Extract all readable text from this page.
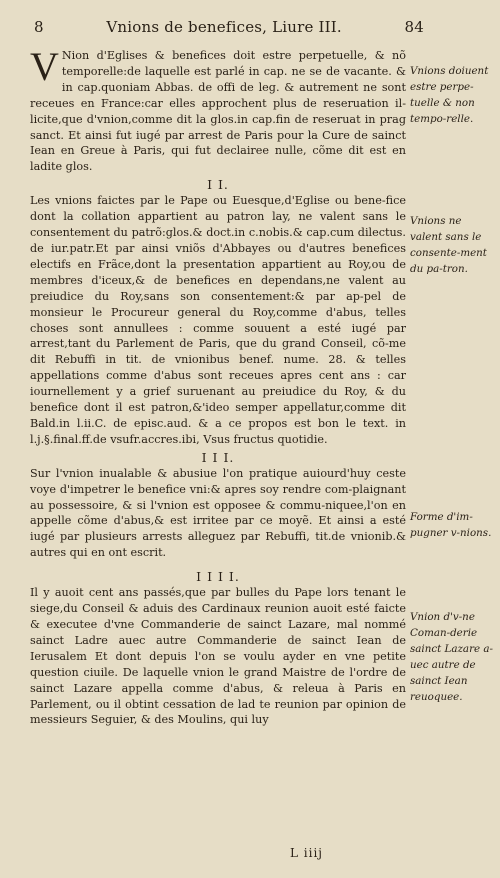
8	Vnions de benefices, Liure III.	84

V Nion d'Eglises & benefices doit estre perpetuelle, & nõ temporelle:de laquelle est parlé in cap. ne se de vacante. & in cap.quoniam Abbas. de offi de leg. & autrement ne sont receues en France:car elles approchent plus de reseruation il-licite,que d'vnion,comme dit la glos.in cap.fin de reseruat in prag sanct. Et ainsi fut iugé par arrest de Paris pour la Cure de sainct Iean en Greue à Paris, qui fut declairee nulle, cõme dit est en ladite glos.

I I.

Les vnions faictes par le Pape ou Euesque,d'Eglise ou bene-fice dont la collation appartient au patron lay, ne valent sans le consentement du patrõ:glos.& doct.in c.nobis.& cap.cum dilectus. de iur.patr.Et par ainsi vniõs d'Abbayes ou d'autres benefices electifs en Frãce,dont la presentation appartient au Roy,ou de membres d'iceux,& de benefices en dependans,ne valent au preiudice du Roy,sans son consentement:& par ap-pel de monsieur le Procureur general du Roy,comme d'abus, telles choses sont annullees : comme souuent a esté iugé par arrest,tant du Parlement de Paris, que du grand Conseil, cõ-me dit Rebuffi in tit. de vnionibus benef. nume. 28. & telles appellations comme d'abus sont receues apres cent ans : car iournellement y a grief suruenant au preiudice du Roy, & du benefice dont il est patron,&'ideo semper appellatur,comme dit Bald.in l.ii.C. de episc.aud. & a ce propos est bon le text. in l.j.§.final.ff.de vsufr.accres.ibi, Vsus fructus quotidie.

I I I.

Sur l'vnion inualable & abusiue l'on pratique auiourd'huy ceste voye d'impetrer le benefice vni:& apres soy rendre com-plaignant au possessoire, & si l'vnion est opposee & commu-niquee,l'on en appelle cõme d'abus,& est irritee par ce moyẽ. Et ainsi a esté iugé par plusieurs arrests alleguez par Rebuffi, tit.de vnionib.& autres qui en ont escrit.

I I I I.

Il y auoit cent ans passés,que par bulles du Pape lors tenant le siege,du Conseil & aduis des Cardinaux reunion auoit esté faicte & executee d'vne Commanderie de sainct Lazare, mal nommé sainct Ladre auec autre Commanderie de sainct Iean de Ierusalem Et dont depuis l'on se voulu ayder en vne petite question ciuile. De laquelle vnion le grand Maistre de l'ordre de sainct Lazare appella comme d'abus, & releua à Paris en Parlement, ou il obtint cessation de lad te reunion par opinion de messieurs Seguier, & des Moulins, qui luy

Vnions doiuent estre perpe-tuelle & non tempo-relle.
Vnions ne valent sans le consente-ment du pa-tron.
Forme d'im-pugner v-nions.
Vnion d'v-ne Coman-derie sainct Lazare a-uec autre de sainct Iean reuoquee.
L iiij
